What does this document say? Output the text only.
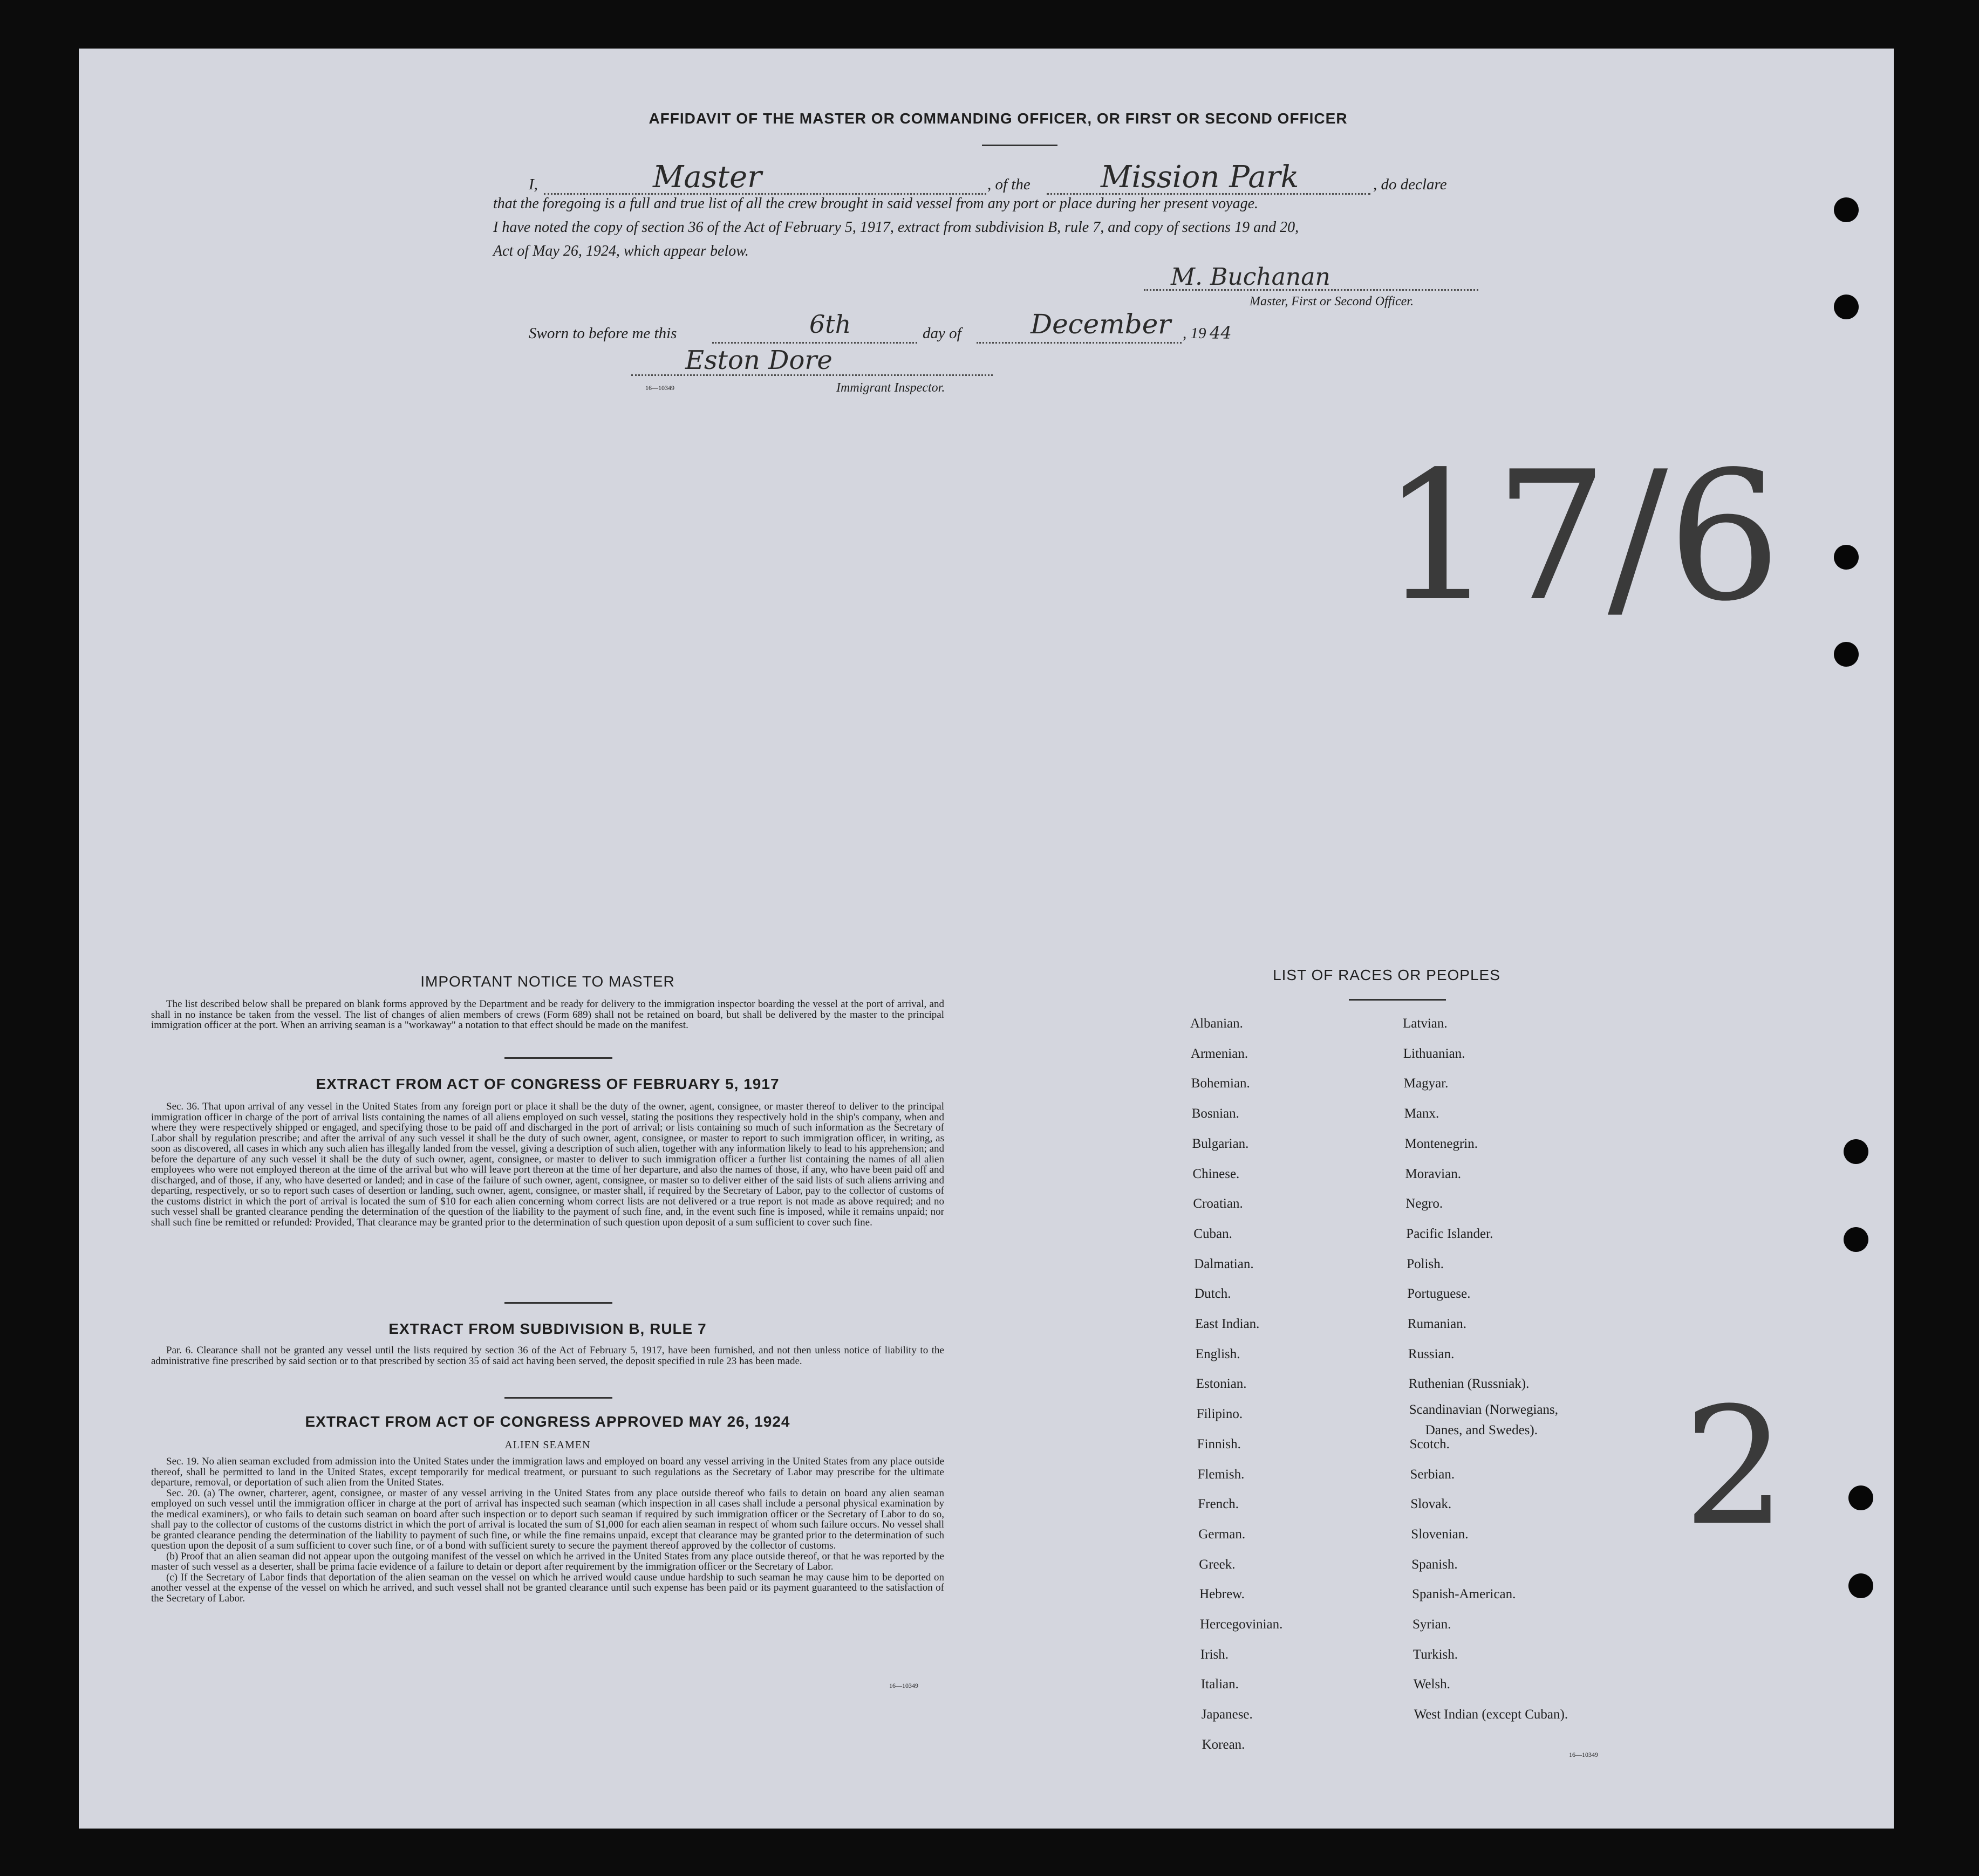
AFFIDAVIT OF THE MASTER OR COMMANDING OFFICER, OR FIRST OR SECOND OFFICER
I,	Master	, of the Mission Park	, do declare
that the foregoing is a full and true list of all the crew brought in said vessel from any port or place during her present voyage.
I have noted the copy of section 36 of the Act of February 5, 1917, extract from subdivision B, rule 7, and copy of sections 19 and 20,
Act of May 26, 1924, which appear below.
M. Buchanan
Master, First or Second Officer.
Sworn to before me this	6th	day of	December , 19 44
Eston Dore
16—10349	Immigrant Inspector.
17/6
2
IMPORTANT NOTICE TO MASTER

The list described below shall be prepared on blank forms approved by the Department and be ready for delivery to the immigration inspector boarding the vessel at the port of arrival, and shall in no instance be taken from the vessel. The list of changes of alien members of crews (Form 689) shall not be retained on board, but shall be delivered by the master to the principal immigration officer at the port. When an arriving seaman is a "workaway" a notation to that effect should be made on the manifest.

EXTRACT FROM ACT OF CONGRESS OF FEBRUARY 5, 1917

Sec. 36. That upon arrival of any vessel in the United States from any foreign port or place it shall be the duty of the owner, agent, consignee, or master thereof to deliver to the principal immigration officer in charge of the port of arrival lists containing the names of all aliens employed on such vessel, stating the positions they respectively hold in the ship's company, when and where they were respectively shipped or engaged, and specifying those to be paid off and discharged in the port of arrival; or lists containing so much of such information as the Secretary of Labor shall by regulation prescribe; and after the arrival of any such vessel it shall be the duty of such owner, agent, consignee, or master to report to such immigration officer, in writing, as soon as discovered, all cases in which any such alien has illegally landed from the vessel, giving a description of such alien, together with any information likely to lead to his apprehension; and before the departure of any such vessel it shall be the duty of such owner, agent, consignee, or master to deliver to such immigration officer a further list containing the names of all alien employees who were not employed thereon at the time of the arrival but who will leave port thereon at the time of her departure, and also the names of those, if any, who have been paid off and discharged, and of those, if any, who have deserted or landed; and in case of the failure of such owner, agent, consignee, or master so to deliver either of the said lists of such aliens arriving and departing, respectively, or so to report such cases of desertion or landing, such owner, agent, consignee, or master shall, if required by the Secretary of Labor, pay to the collector of customs of the customs district in which the port of arrival is located the sum of $10 for each alien concerning whom correct lists are not delivered or a true report is not made as above required; and no such vessel shall be granted clearance pending the determination of the question of the liability to the payment of such fine, and, in the event such fine is imposed, while it remains unpaid; nor shall such fine be remitted or refunded: Provided, That clearance may be granted prior to the determination of such question upon deposit of a sum sufficient to cover such fine.

EXTRACT FROM SUBDIVISION B, RULE 7

Par. 6. Clearance shall not be granted any vessel until the lists required by section 36 of the Act of February 5, 1917, have been furnished, and not then unless notice of liability to the administrative fine prescribed by said section or to that prescribed by section 35 of said act having been served, the deposit specified in rule 23 has been made.

EXTRACT FROM ACT OF CONGRESS APPROVED MAY 26, 1924
ALIEN SEAMEN

Sec. 19. No alien seaman excluded from admission into the United States under the immigration laws and employed on board any vessel arriving in the United States from any place outside thereof, shall be permitted to land in the United States, except temporarily for medical treatment, or pursuant to such regulations as the Secretary of Labor may prescribe for the ultimate departure, removal, or deportation of such alien from the United States.

Sec. 20. (a) The owner, charterer, agent, consignee, or master of any vessel arriving in the United States from any place outside thereof who fails to detain on board any alien seaman employed on such vessel until the immigration officer in charge at the port of arrival has inspected such seaman (which inspection in all cases shall include a personal physical examination by the medical examiners), or who fails to detain such seaman on board after such inspection or to deport such seaman if required by such immigration officer or the Secretary of Labor to do so, shall pay to the collector of customs of the customs district in which the port of arrival is located the sum of $1,000 for each alien seaman in respect of whom such failure occurs. No vessel shall be granted clearance pending the determination of the liability to payment of such fine, or while the fine remains unpaid, except that clearance may be granted prior to the determination of such question upon the deposit of a sum sufficient to cover such fine, or of a bond with sufficient surety to secure the payment thereof approved by the collector of customs.

(b) Proof that an alien seaman did not appear upon the outgoing manifest of the vessel on which he arrived in the United States from any place outside thereof, or that he was reported by the master of such vessel as a deserter, shall be prima facie evidence of a failure to detain or deport after requirement by the immigration officer or the Secretary of Labor.

(c) If the Secretary of Labor finds that deportation of the alien seaman on the vessel on which he arrived would cause undue hardship to such seaman he may cause him to be deported on another vessel at the expense of the vessel on which he arrived, and such vessel shall not be granted clearance until such expense has been paid or its payment guaranteed to the satisfaction of the Secretary of Labor.

16—10349
LIST OF RACES OR PEOPLES
Albanian.
Armenian.
Bohemian.
Bosnian.
Bulgarian.
Chinese.
Croatian.
Cuban.
Dalmatian.
Dutch.
East Indian.
English.
Estonian.
Filipino.
Finnish.
Flemish.
French.
German.
Greek.
Hebrew.
Hercegovinian.
Irish.
Italian.
Japanese.
Korean.
Latvian.
Lithuanian.
Magyar.
Manx.
Montenegrin.
Moravian.
Negro.
Pacific Islander.
Polish.
Portuguese.
Rumanian.
Russian.
Ruthenian (Russniak).
Scandinavian (Norwegians,
Danes, and Swedes).
Scotch.
Serbian.
Slovak.
Slovenian.
Spanish.
Spanish-American.
Syrian.
Turkish.
Welsh.
West Indian (except Cuban).
16—10349
